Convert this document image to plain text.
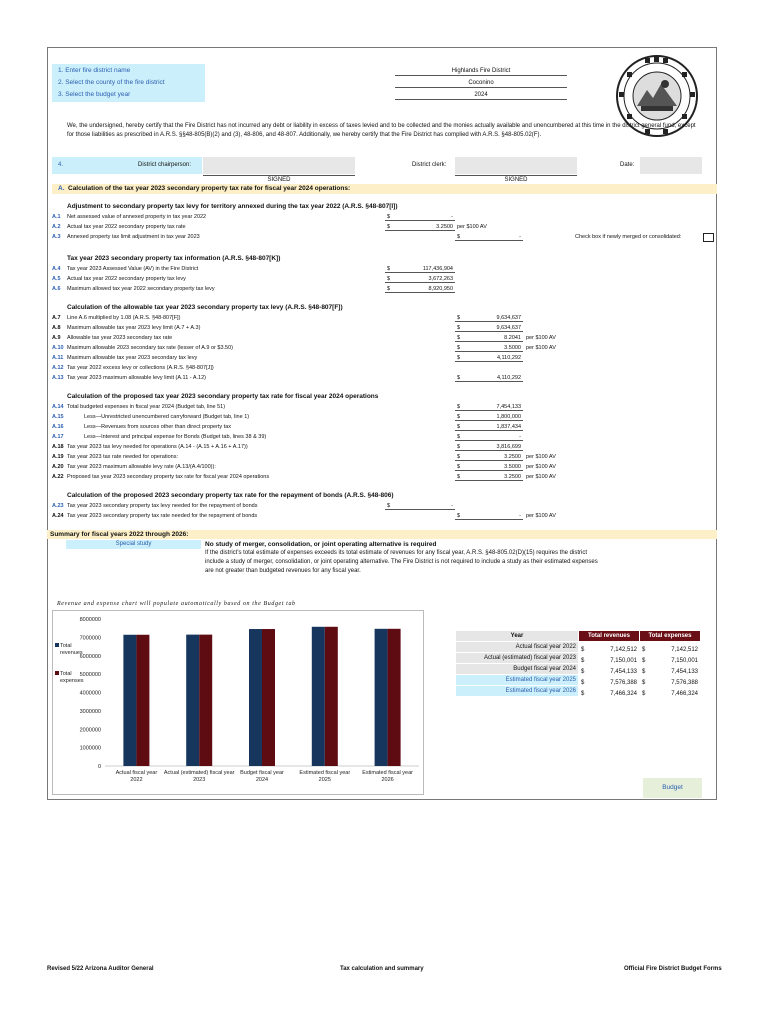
1. Enter fire district name
2. Select the county of the fire district
3. Select the budget year
Highlands Fire District
Coconino
2024
We, the undersigned, hereby certify that the Fire District has not incurred any debt or liability in excess of taxes levied and to be collected and the monies actually available and unencumbered at this time in the district general fund, except for those liabilities as prescribed in A.R.S. §§48-805(B)(2) and (3), 48-806, and 48-807. Additionally, we hereby certify that the Fire District has complied with A.R.S. §48-805.02(F).
4.	District chairperson:	District clerk:	Date:
SIGNED	SIGNED
A. Calculation of the tax year 2023 secondary property tax rate for fiscal year 2024 operations:
Adjustment to secondary property tax levy for territory annexed during the tax year 2022 (A.R.S. §48-807[I])
A.1	Net assessed value of annexed property in tax year 2022	$	-
A.2	Actual tax year 2022 secondary property tax rate	$	3.2500 per $100 AV
A.3	Annexed property tax limit adjustment in tax year 2023	$	-	Check box if newly merged or consolidated:
Tax year 2023 secondary property tax information (A.R.S. §48-807[K])
A.4	Tax year 2023 Assessed Value (AV) in the Fire District	$	117,436,904
A.5	Actual tax year 2022 secondary property tax levy	$	3,672,263
A.6	Maximum allowed tax year 2022 secondary property tax levy	$	8,920,950
Calculation of the allowable tax year 2023 secondary property tax levy (A.R.S. §48-807[F])
A.7	Line A.6 multiplied by 1.08 (A.R.S. §48-807[F])	$	9,634,637
A.8	Maximum allowable tax year 2023 levy limit (A.7 + A.3)	$	9,634,637
A.9	Allowable tax year 2023 secondary tax rate	$	8.2041 per $100 AV
A.10 Maximum allowable 2023 secondary tax rate (lesser of A.9 or $3.50)	$	3.5000 per $100 AV
A.11 Maximum allowable tax year 2023 secondary tax levy	$	4,110,292
A.12 Tax year 2022 excess levy or collections (A.R.S. §48-807[J])
A.13 Tax year 2023 maximum allowable levy limit (A.11 - A.12)	$	4,110,292
Calculation of the proposed tax year 2023 secondary property tax rate for fiscal year 2024 operations
A.14 Total budgeted expenses in fiscal year 2024 (Budget tab, line 51)	$	7,454,133
A.15	Less—Unrestricted unencumbered carryforward (Budget tab, line 1)	$	1,800,000
A.16	Less—Revenues from sources other than direct property tax	$	1,837,434
A.17	Less—Interest and principal expense for Bonds (Budget tab, lines 38 & 39)	$	-
A.18 Tax year 2023 tax levy needed for operations (A.14 - (A.15 + A.16 + A.17))	$	3,816,699
A.19 Tax year 2023 tax rate needed for operations:	$	3.2500 per $100 AV
A.20 Tax year 2023 maximum allowable levy rate (A.13/(A.4/100)):	$	3.5000 per $100 AV
A.22 Proposed tax year 2023 secondary property tax rate for fiscal year 2024 operations	$	3.2500 per $100 AV
Calculation of the proposed 2023 secondary property tax rate for the repayment of bonds (A.R.S. §48-806)
A.23 Tax year 2023 secondary property tax levy needed for the repayment of bonds	$	-
A.24 Tax year 2023 secondary property tax rate needed for the repayment of bonds	$	- per $100 AV
Summary for fiscal years 2022 through 2026:
Special study	No study of merger, consolidation, or joint operating alternative is required
If the district's total estimate of expenses exceeds its total estimate of revenues for any fiscal year, A.R.S. §48-805.02(D)(15) requires the district
include a study of merger, consolidation, or joint operating alternative. The Fire District is not required to include a study as their estimated expenses
are not greater than budgeted revenues for any fiscal year.
Revenue and expense chart will populate automatically based on the Budget tab
0
1000000
2000000
3000000
4000000
5000000
6000000
7000000
8000000
Actual fiscal year
2022
Actual (estimated) fiscal year
2023
Budget fiscal year
2024
Estimated fiscal year
2025
Estimated fiscal year
2026
Total
revenues
Total
expenses
Year	Total revenues	Total expenses
Actual fiscal year 2022	$ 7,142,512	$ 7,142,512

Actual (estimated) fiscal year 2023	$ 7,150,001	$ 7,150,001

Budget fiscal year 2024	$ 7,454,133	$ 7,454,133

Estimated fiscal year 2025	$ 7,576,388	$ 7,576,388

Estimated fiscal year 2026	$ 7,466,324	$ 7,466,324
Budget
Revised 5/22 Arizona Auditor General	Tax calculation and summary	Official Fire District Budget Forms
